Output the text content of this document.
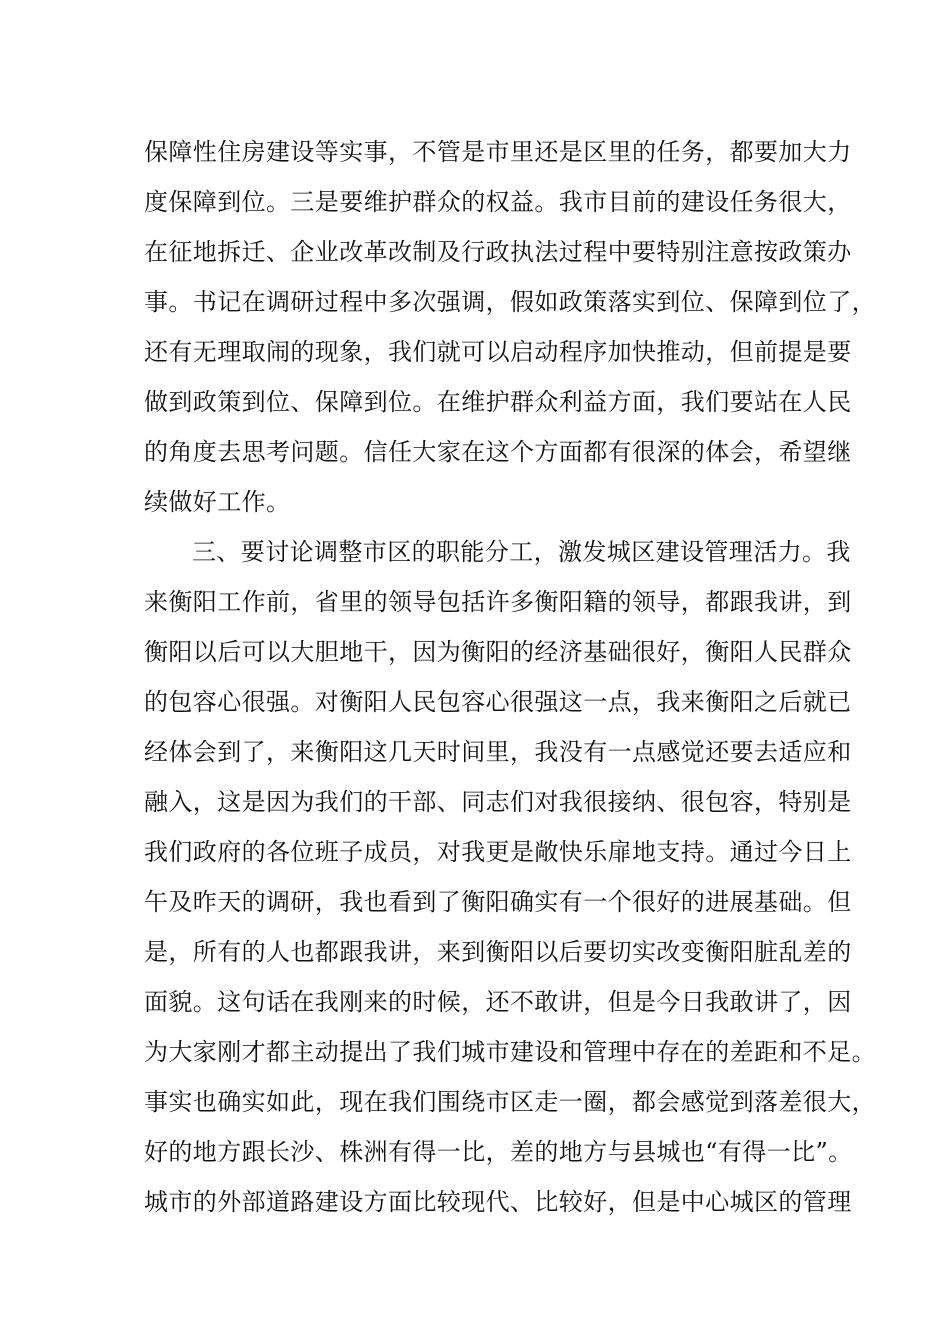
保障性住房建设等实事，不管是市里还是区里的任务，都要加大力
度保障到位。三是要维护群众的权益。我市目前的建设任务很大，
在征地拆迁、企业改革改制及行政执法过程中要特别注意按政策办
事。书记在调研过程中多次强调，假如政策落实到位、保障到位了，
还有无理取闹的现象，我们就可以启动程序加快推动，但前提是要
做到政策到位、保障到位。在维护群众利益方面，我们要站在人民
的角度去思考问题。信任大家在这个方面都有很深的体会，希望继
续做好工作。
三、要讨论调整市区的职能分工，激发城区建设管理活力。我
来衡阳工作前，省里的领导包括许多衡阳籍的领导，都跟我讲，到
衡阳以后可以大胆地干，因为衡阳的经济基础很好，衡阳人民群众
的包容心很强。对衡阳人民包容心很强这一点，我来衡阳之后就已
经体会到了，来衡阳这几天时间里，我没有一点感觉还要去适应和
融入，这是因为我们的干部、同志们对我很接纳、很包容，特别是
我们政府的各位班子成员，对我更是敞快乐扉地支持。通过今日上
午及昨天的调研，我也看到了衡阳确实有一个很好的进展基础。但
是，所有的人也都跟我讲，来到衡阳以后要切实改变衡阳脏乱差的
面貌。这句话在我刚来的时候，还不敢讲，但是今日我敢讲了，因
为大家刚才都主动提出了我们城市建设和管理中存在的差距和不足。
事实也确实如此，现在我们围绕市区走一圈，都会感觉到落差很大，
好的地方跟长沙、株洲有得一比，差的地方与县城也“有得一比”。
城市的外部道路建设方面比较现代、比较好，但是中心城区的管理
